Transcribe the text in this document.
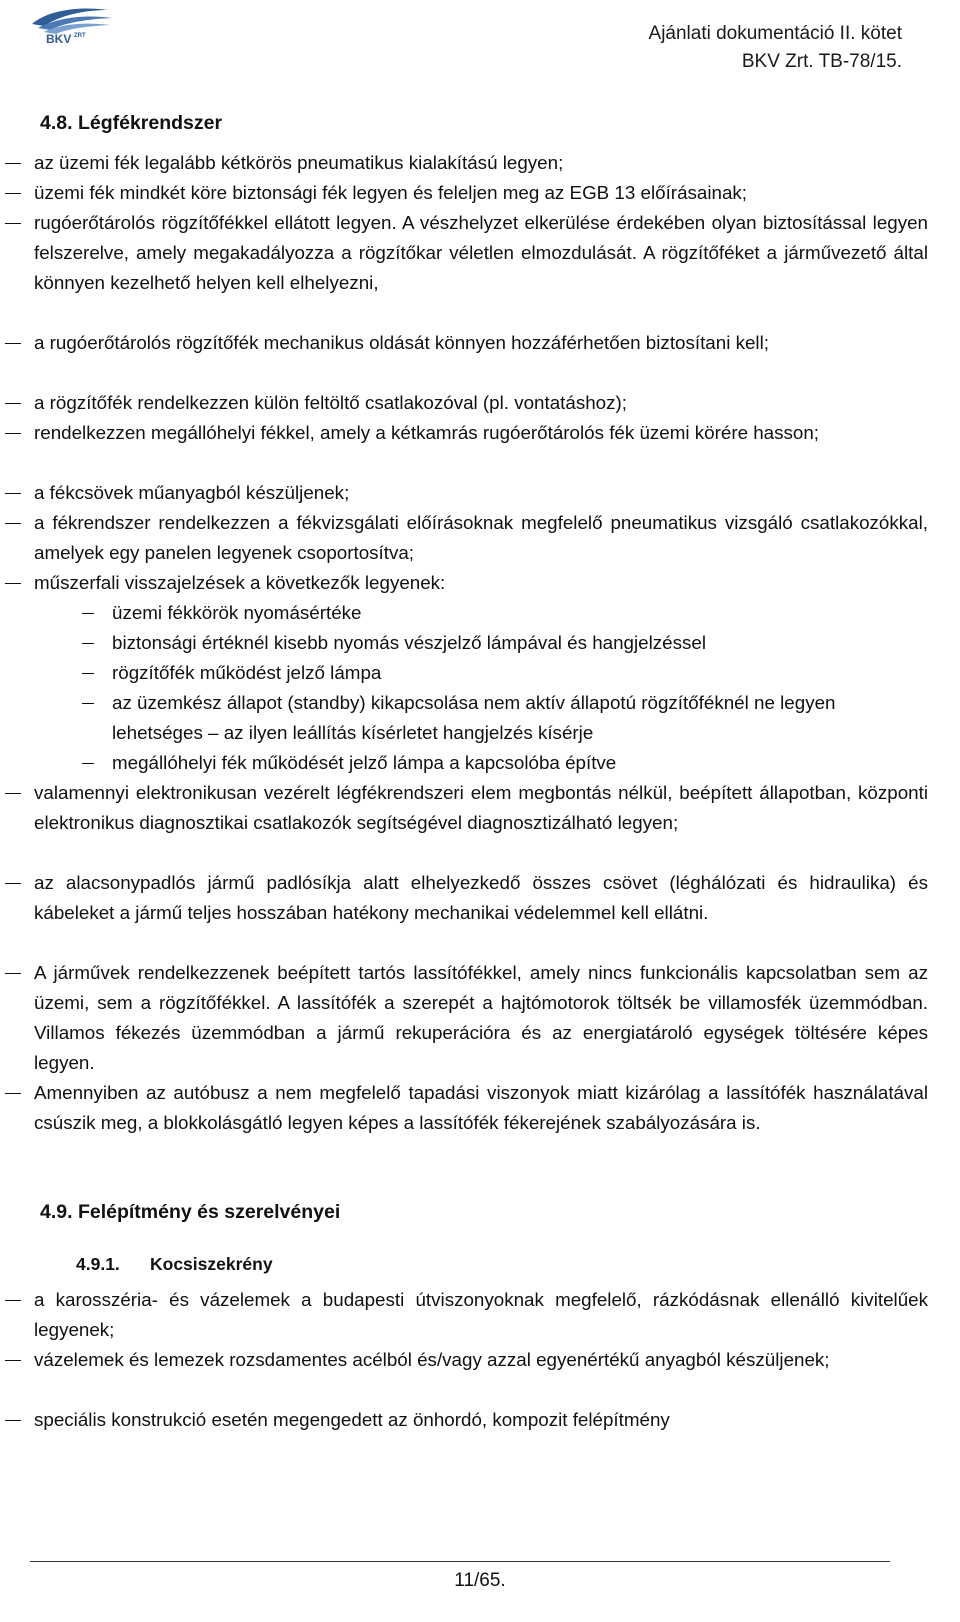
BKV ZRT	Ajánlati dokumentáció II. kötet
BKV Zrt. TB-78/15.
4.8. Légfékrendszer
az üzemi fék legalább kétkörös pneumatikus kialakítású legyen;
üzemi fék mindkét köre biztonsági fék legyen és feleljen meg az EGB 13 előírásainak;
rugóerőtárolós rögzítőfékkel ellátott legyen. A vészhelyzet elkerülése érdekében olyan biztosítással legyen felszerelve, amely megakadályozza a rögzítőkar véletlen elmozdulását. A rögzítőféket a járművezető által könnyen kezelhető helyen kell elhelyezni,
a rugóerőtárolós rögzítőfék mechanikus oldását könnyen hozzáférhetően biztosítani kell;
a rögzítőfék rendelkezzen külön feltöltő csatlakozóval (pl. vontatáshoz);
rendelkezzen megállóhelyi fékkel, amely a kétkamrás rugóerőtárolós fék üzemi körére hasson;
a fékcsövek műanyagból készüljenek;
a fékrendszer rendelkezzen a fékvizsgálati előírásoknak megfelelő pneumatikus vizsgáló csatlakozókkal, amelyek egy panelen legyenek csoportosítva;
műszerfali visszajelzések a következők legyenek:
üzemi fékkörök nyomásértéke
biztonsági értéknél kisebb nyomás vészjelző lámpával és hangjelzéssel
rögzítőfék működést jelző lámpa
az üzemkész állapot (standby) kikapcsolása nem aktív állapotú rögzítőféknél ne legyen lehetséges – az ilyen leállítás kísérletet hangjelzés kísérje
megállóhelyi fék működését jelző lámpa a kapcsolóba építve
valamennyi elektronikusan vezérelt légfékrendszeri elem megbontás nélkül, beépített állapotban, központi elektronikus diagnosztikai csatlakozók segítségével diagnosztizálható legyen;
az alacsonypadlós jármű padlósíkja alatt elhelyezkedő összes csövet (léghálózati és hidraulika) és kábeleket a jármű teljes hosszában hatékony mechanikai védelemmel kell ellátni.
A járművek rendelkezzenek beépített tartós lassítófékkel, amely nincs funkcionális kapcsolatban sem az üzemi, sem a rögzítőfékkel. A lassítófék a szerepét a hajtómotorok töltsék be villamosfék üzemmódban. Villamos fékezés üzemmódban a jármű rekuperációra és az energiatároló egységek töltésére képes legyen.
Amennyiben az autóbusz a nem megfelelő tapadási viszonyok miatt kizárólag a lassítófék használatával csúszik meg, a blokkolásgátló legyen képes a lassítófék fékerejének szabályozására is.
4.9. Felépítmény és szerelvényei
4.9.1. Kocsiszekrény
a karosszéria- és vázelemek a budapesti útviszonyoknak megfelelő, rázkódásnak ellenálló kivitelűek legyenek;
vázelemek és lemezek rozsdamentes acélból és/vagy azzal egyenértékű anyagból készüljenek;
speciális konstrukció esetén megengedett az önhordó, kompozit felépítmény
11/65.
